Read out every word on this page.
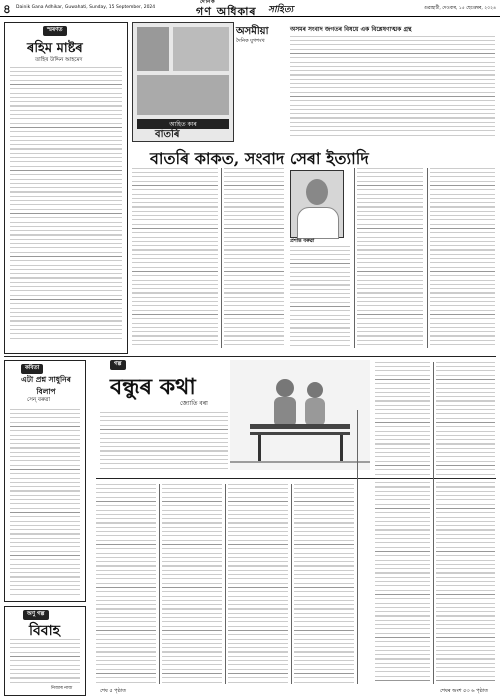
৪ Dainik Gana Adhikar, Guwahati, Sunday, 15 September, 2024
দৈনিক
গণ অধিকাৰ সাহিত্য	গুৱাহাটী, দেওবাৰ, ১৫ ছেপ্তেম্বৰ, ২০২৪
স্মৰণত
ৰহিম মাষ্টৰ
তাহিৰ উদ্দিন আহমেদ
আহিত কাৰ
বাতৰি
অসমীয়া
দৈনিক যুগশংখ
অসমৰ সংবাদ জগতৰ বিষয়ে এক বিশ্লেষণাত্মক গ্ৰন্থ
বাতৰি কাকত, সংবাদ সেৰা ইত্যাদি
প্ৰশান্ত বৰুৱা
কবিতা
এটা প্ৰশ্ন সাধুনিৰ বিলাপ
সেন্ বৰুৱা
অণু গল্প
বিবাহ
নিজাৰ নাজ
গল্প
বন্ধুৰ কথা
জ্যোতি বৰা
শেষ ৫ পৃষ্ঠাত	শেষৰ অংশ ৫৩ ৬ পৃষ্ঠাত
